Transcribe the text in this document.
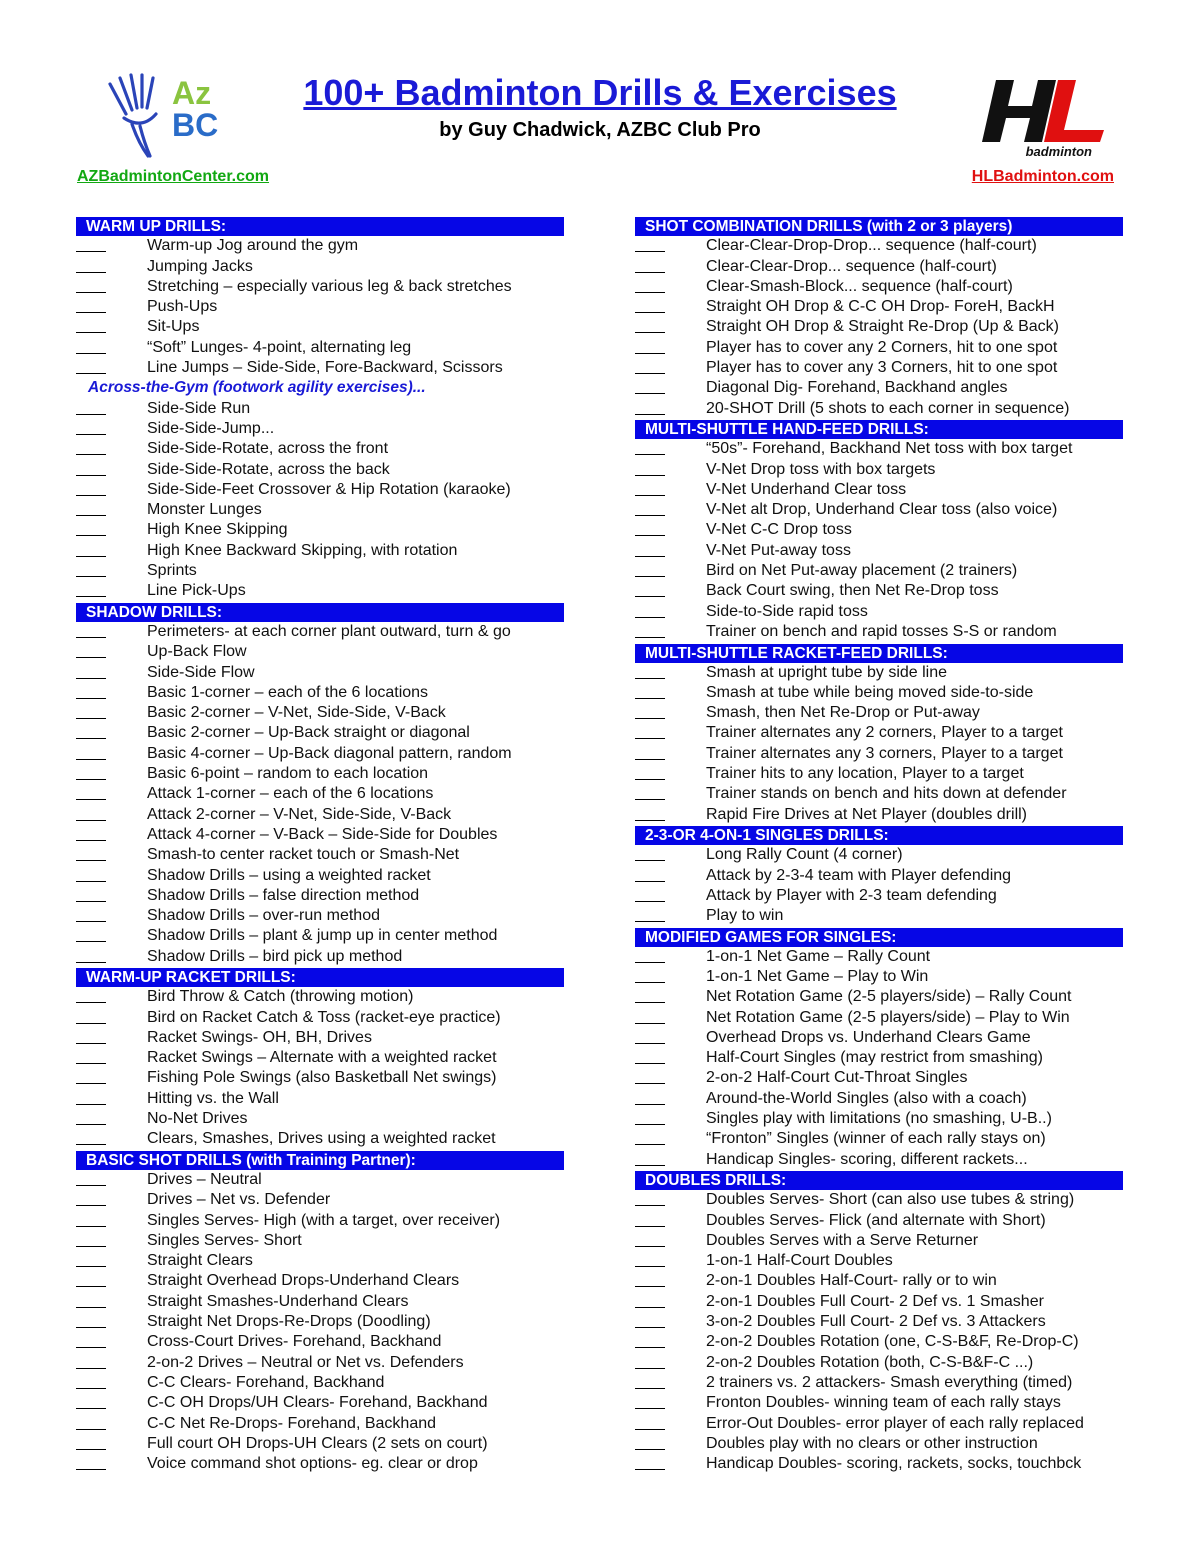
Az
BC
100+ Badminton Drills & Exercises
by Guy Chadwick, AZBC Club Pro
badminton
AZBadmintonCenter.com	HLBadminton.com
WARM UP DRILLS:
Warm-up Jog around the gym
Jumping Jacks
Stretching – especially various leg & back stretches
Push-Ups
Sit-Ups
“Soft” Lunges- 4-point, alternating leg
Line Jumps – Side-Side, Fore-Backward, Scissors
Across-the-Gym (footwork agility exercises)...
Side-Side Run
Side-Side-Jump...
Side-Side-Rotate, across the front
Side-Side-Rotate, across the back
Side-Side-Feet Crossover & Hip Rotation (karaoke)
Monster Lunges
High Knee Skipping
High Knee Backward Skipping, with rotation
Sprints
Line Pick-Ups
SHADOW DRILLS:
Perimeters- at each corner plant outward, turn & go
Up-Back Flow
Side-Side Flow
Basic 1-corner – each of the 6 locations
Basic 2-corner – V-Net, Side-Side, V-Back
Basic 2-corner – Up-Back straight or diagonal
Basic 4-corner – Up-Back diagonal pattern, random
Basic 6-point – random to each location
Attack 1-corner – each of the 6 locations
Attack 2-corner – V-Net, Side-Side, V-Back
Attack 4-corner – V-Back – Side-Side for Doubles
Smash-to center racket touch or Smash-Net
Shadow Drills – using a weighted racket
Shadow Drills – false direction method
Shadow Drills – over-run method
Shadow Drills – plant & jump up in center method
Shadow Drills – bird pick up method
WARM-UP RACKET DRILLS:
Bird Throw & Catch (throwing motion)
Bird on Racket Catch & Toss (racket-eye practice)
Racket Swings- OH, BH, Drives
Racket Swings – Alternate with a weighted racket
Fishing Pole Swings (also Basketball Net swings)
Hitting vs. the Wall
No-Net Drives
Clears, Smashes, Drives using a weighted racket
BASIC SHOT DRILLS (with Training Partner):
Drives – Neutral
Drives – Net vs. Defender
Singles Serves- High (with a target, over receiver)
Singles Serves- Short
Straight Clears
Straight Overhead Drops-Underhand Clears
Straight Smashes-Underhand Clears
Straight Net Drops-Re-Drops (Doodling)
Cross-Court Drives- Forehand, Backhand
2-on-2 Drives – Neutral or Net vs. Defenders
C-C Clears- Forehand, Backhand
C-C OH Drops/UH Clears- Forehand, Backhand
C-C Net Re-Drops- Forehand, Backhand
Full court OH Drops-UH Clears (2 sets on court)
Voice command shot options- eg. clear or drop
SHOT COMBINATION DRILLS (with 2 or 3 players)
Clear-Clear-Drop-Drop... sequence (half-court)
Clear-Clear-Drop... sequence (half-court)
Clear-Smash-Block... sequence (half-court)
Straight OH Drop & C-C OH Drop- ForeH, BackH
Straight OH Drop & Straight Re-Drop (Up & Back)
Player has to cover any 2 Corners, hit to one spot
Player has to cover any 3 Corners, hit to one spot
Diagonal Dig- Forehand, Backhand angles
20-SHOT Drill (5 shots to each corner in sequence)
MULTI-SHUTTLE HAND-FEED DRILLS:
“50s”- Forehand, Backhand Net toss with box target
V-Net Drop toss with box targets
V-Net Underhand Clear toss
V-Net alt Drop, Underhand Clear toss (also voice)
V-Net C-C Drop toss
V-Net Put-away toss
Bird on Net Put-away placement (2 trainers)
Back Court swing, then Net Re-Drop toss
Side-to-Side rapid toss
Trainer on bench and rapid tosses S-S or random
MULTI-SHUTTLE RACKET-FEED DRILLS:
Smash at upright tube by side line
Smash at tube while being moved side-to-side
Smash, then Net Re-Drop or Put-away
Trainer alternates any 2 corners, Player to a target
Trainer alternates any 3 corners, Player to a target
Trainer hits to any location, Player to a target
Trainer stands on bench and hits down at defender
Rapid Fire Drives at Net Player (doubles drill)
2-3-OR 4-ON-1 SINGLES DRILLS:
Long Rally Count (4 corner)
Attack by 2-3-4 team with Player defending
Attack by Player with 2-3 team defending
Play to win
MODIFIED GAMES FOR SINGLES:
1-on-1 Net Game – Rally Count
1-on-1 Net Game – Play to Win
Net Rotation Game (2-5 players/side) – Rally Count
Net Rotation Game (2-5 players/side) – Play to Win
Overhead Drops vs. Underhand Clears Game
Half-Court Singles (may restrict from smashing)
2-on-2 Half-Court Cut-Throat Singles
Around-the-World Singles (also with a coach)
Singles play with limitations (no smashing, U-B..)
“Fronton” Singles (winner of each rally stays on)
Handicap Singles- scoring, different rackets...
DOUBLES DRILLS:
Doubles Serves- Short (can also use tubes & string)
Doubles Serves- Flick (and alternate with Short)
Doubles Serves with a Serve Returner
1-on-1 Half-Court Doubles
2-on-1 Doubles Half-Court- rally or to win
2-on-1 Doubles Full Court- 2 Def vs. 1 Smasher
3-on-2 Doubles Full Court- 2 Def vs. 3 Attackers
2-on-2 Doubles Rotation (one, C-S-B&F, Re-Drop-C)
2-on-2 Doubles Rotation (both, C-S-B&F-C ...)
2 trainers vs. 2 attackers- Smash everything (timed)
Fronton Doubles- winning team of each rally stays
Error-Out Doubles- error player of each rally replaced
Doubles play with no clears or other instruction
Handicap Doubles- scoring, rackets, socks, touchbck
